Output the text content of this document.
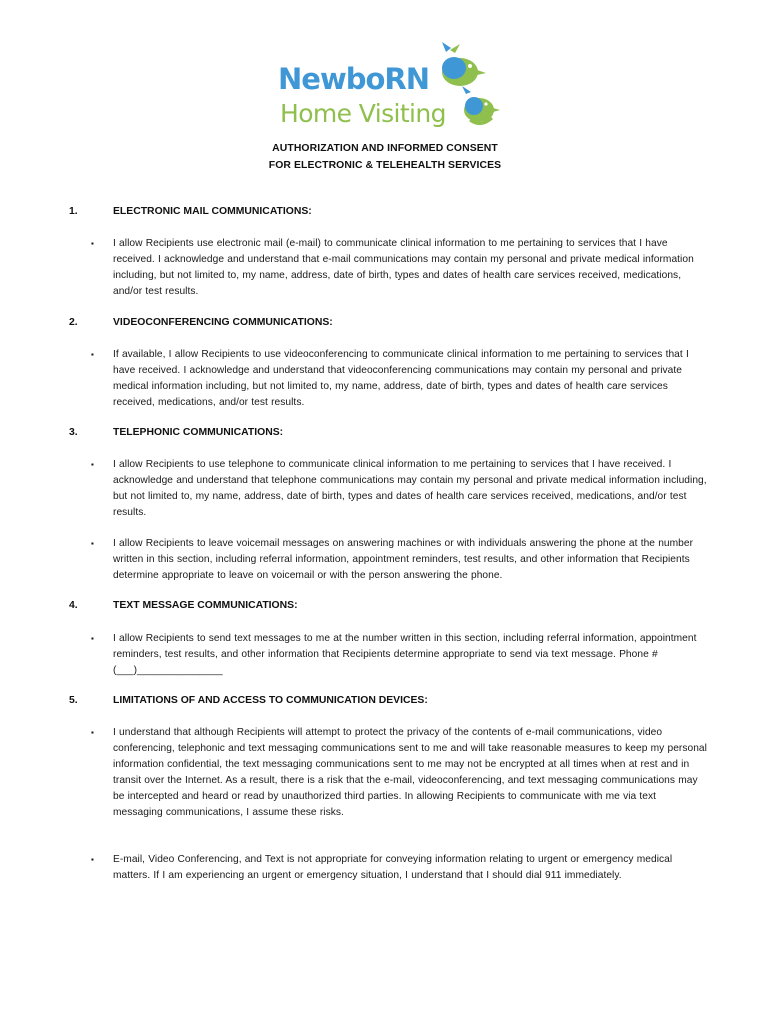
NewboRN
Home Visiting
AUTHORIZATION AND INFORMED CONSENT
FOR ELECTRONIC & TELEHEALTH SERVICES
1.	ELECTRONIC MAIL COMMUNICATIONS:
▪ I allow Recipients use electronic mail (e-mail) to communicate clinical information to me pertaining to services that I have received. I acknowledge and understand that e-mail communications may contain my personal and private medical information including, but not limited to, my name, address, date of birth, types and dates of health care services received, medications, and/or test results.

2.	VIDEOCONFERENCING COMMUNICATIONS:
▪ If available, I allow Recipients to use videoconferencing to communicate clinical information to me pertaining to services that I have received. I acknowledge and understand that videoconferencing communications may contain my personal and private medical information including, but not limited to, my name, address, date of birth, types and dates of health care services received, medications, and/or test results.

3.	TELEPHONIC COMMUNICATIONS:
▪ I allow Recipients to use telephone to communicate clinical information to me pertaining to services that I have received. I acknowledge and understand that telephone communications may contain my personal and private medical information including, but not limited to, my name, address, date of birth, types and dates of health care services received, medications, and/or test results.

▪ I allow Recipients to leave voicemail messages on answering machines or with individuals answering the phone at the number written in this section, including referral information, appointment reminders, test results, and other information that Recipients determine appropriate to leave on voicemail or with the person answering the phone.

4.	TEXT MESSAGE COMMUNICATIONS:
▪ I allow Recipients to send text messages to me at the number written in this section, including referral information, appointment reminders, test results, and other information that Recipients determine appropriate to send via text message. Phone #(___)_______________

5.	LIMITATIONS OF AND ACCESS TO COMMUNICATION DEVICES:
▪ I understand that although Recipients will attempt to protect the privacy of the contents of e-mail communications, video conferencing, telephonic and text messaging communications sent to me and will take reasonable measures to keep my personal information confidential, the text messaging communications sent to me may not be encrypted at all times when at rest and in transit over the Internet. As a result, there is a risk that the e-mail, videoconferencing, and text messaging communications may be intercepted and heard or read by unauthorized third parties. In allowing Recipients to communicate with me via text messaging communications, I assume these risks.

▪ E-mail, Video Conferencing, and Text is not appropriate for conveying information relating to urgent or emergency medical matters. If I am experiencing an urgent or emergency situation, I understand that I should dial 911 immediately.
